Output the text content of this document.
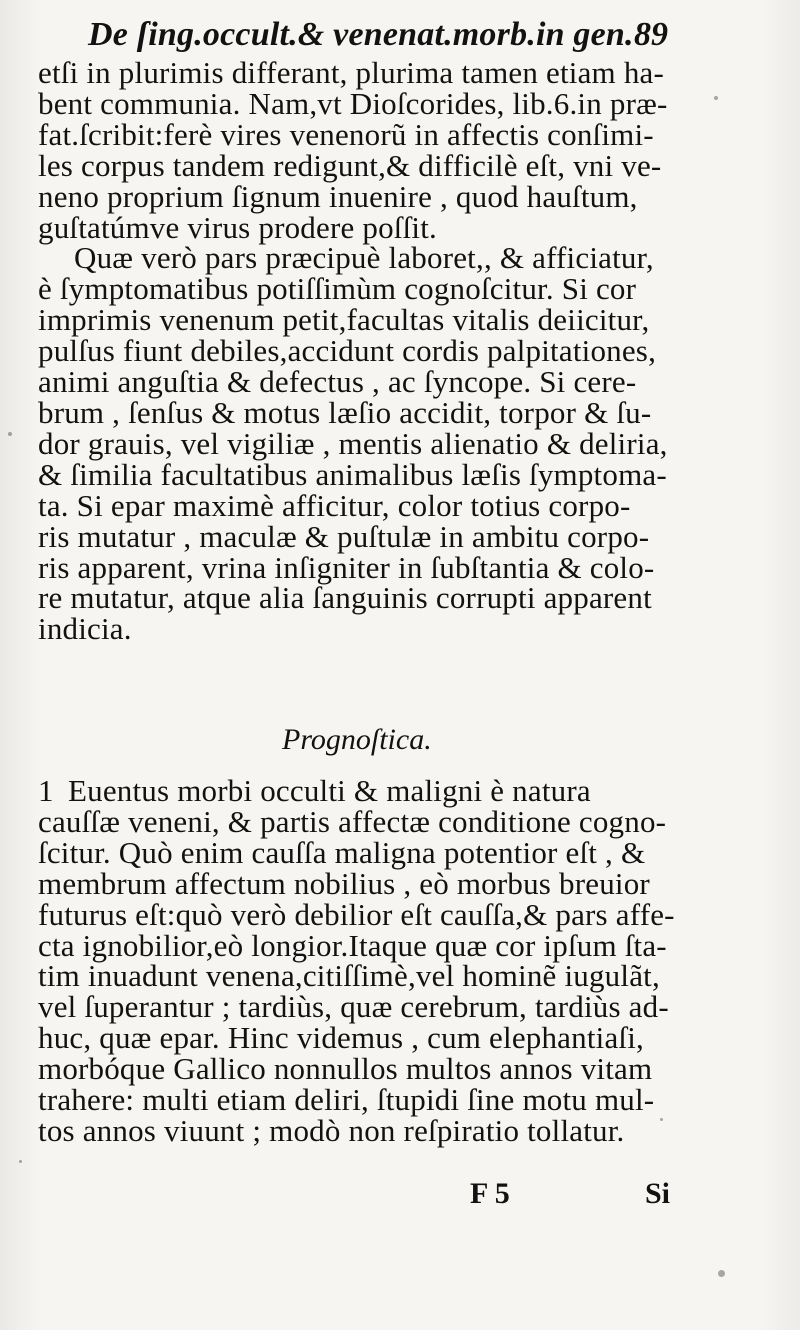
De ſing.occult.& venenat.morb.in gen. 89

etſi in plurimis differant, plurima tamen etiam ha-

bent communia. Nam,vt Dioſcorides, lib.6.in præ-

fat.ſcribit:ferè vires venenorũ in affectis conſimi-

les corpus tandem redigunt,& difficilè eſt, vni ve-

neno proprium ſignum inuenire , quod hauſtum,

guſtatúmve virus prodere poſſit.

Quæ verò pars præcipuè laboret,, & afficiatur,

è ſymptomatibus potiſſimùm cognoſcitur. Si cor

imprimis venenum petit,facultas vitalis deiicitur,

pulſus fiunt debiles,accidunt cordis palpitationes,

animi anguſtia & defectus , ac ſyncope. Si cere-

brum , ſenſus & motus læſio accidit, torpor & ſu-

dor grauis, vel vigiliæ , mentis alienatio & deliria,

& ſimilia facultatibus animalibus læſis ſymptoma-

ta. Si epar maximè afficitur, color totius corpo-

ris mutatur , maculæ & puſtulæ in ambitu corpo-

ris apparent, vrina inſigniter in ſubſtantia & colo-

re mutatur, atque alia ſanguinis corrupti apparent

indicia.

Prognoſtica.

1 Euentus morbi occulti & maligni è natura

cauſſæ veneni, & partis affectæ conditione cogno-

ſcitur. Quò enim cauſſa maligna potentior eſt , &

membrum affectum nobilius , eò morbus breuior

futurus eſt:quò verò debilior eſt cauſſa,& pars affe-

cta ignobilior,eò longior.Itaque quæ cor ipſum ſta-

tim inuadunt venena,citiſſimè,vel hominẽ iugulãt,

vel ſuperantur ; tardiùs, quæ cerebrum, tardiùs ad-

huc, quæ epar. Hinc videmus , cum elephantiaſi,

morbóque Gallico nonnullos multos annos vitam

trahere: multi etiam deliri, ſtupidi ſine motu mul-

tos annos viuunt ; modò non reſpiratio tollatur.

F 5	Si
